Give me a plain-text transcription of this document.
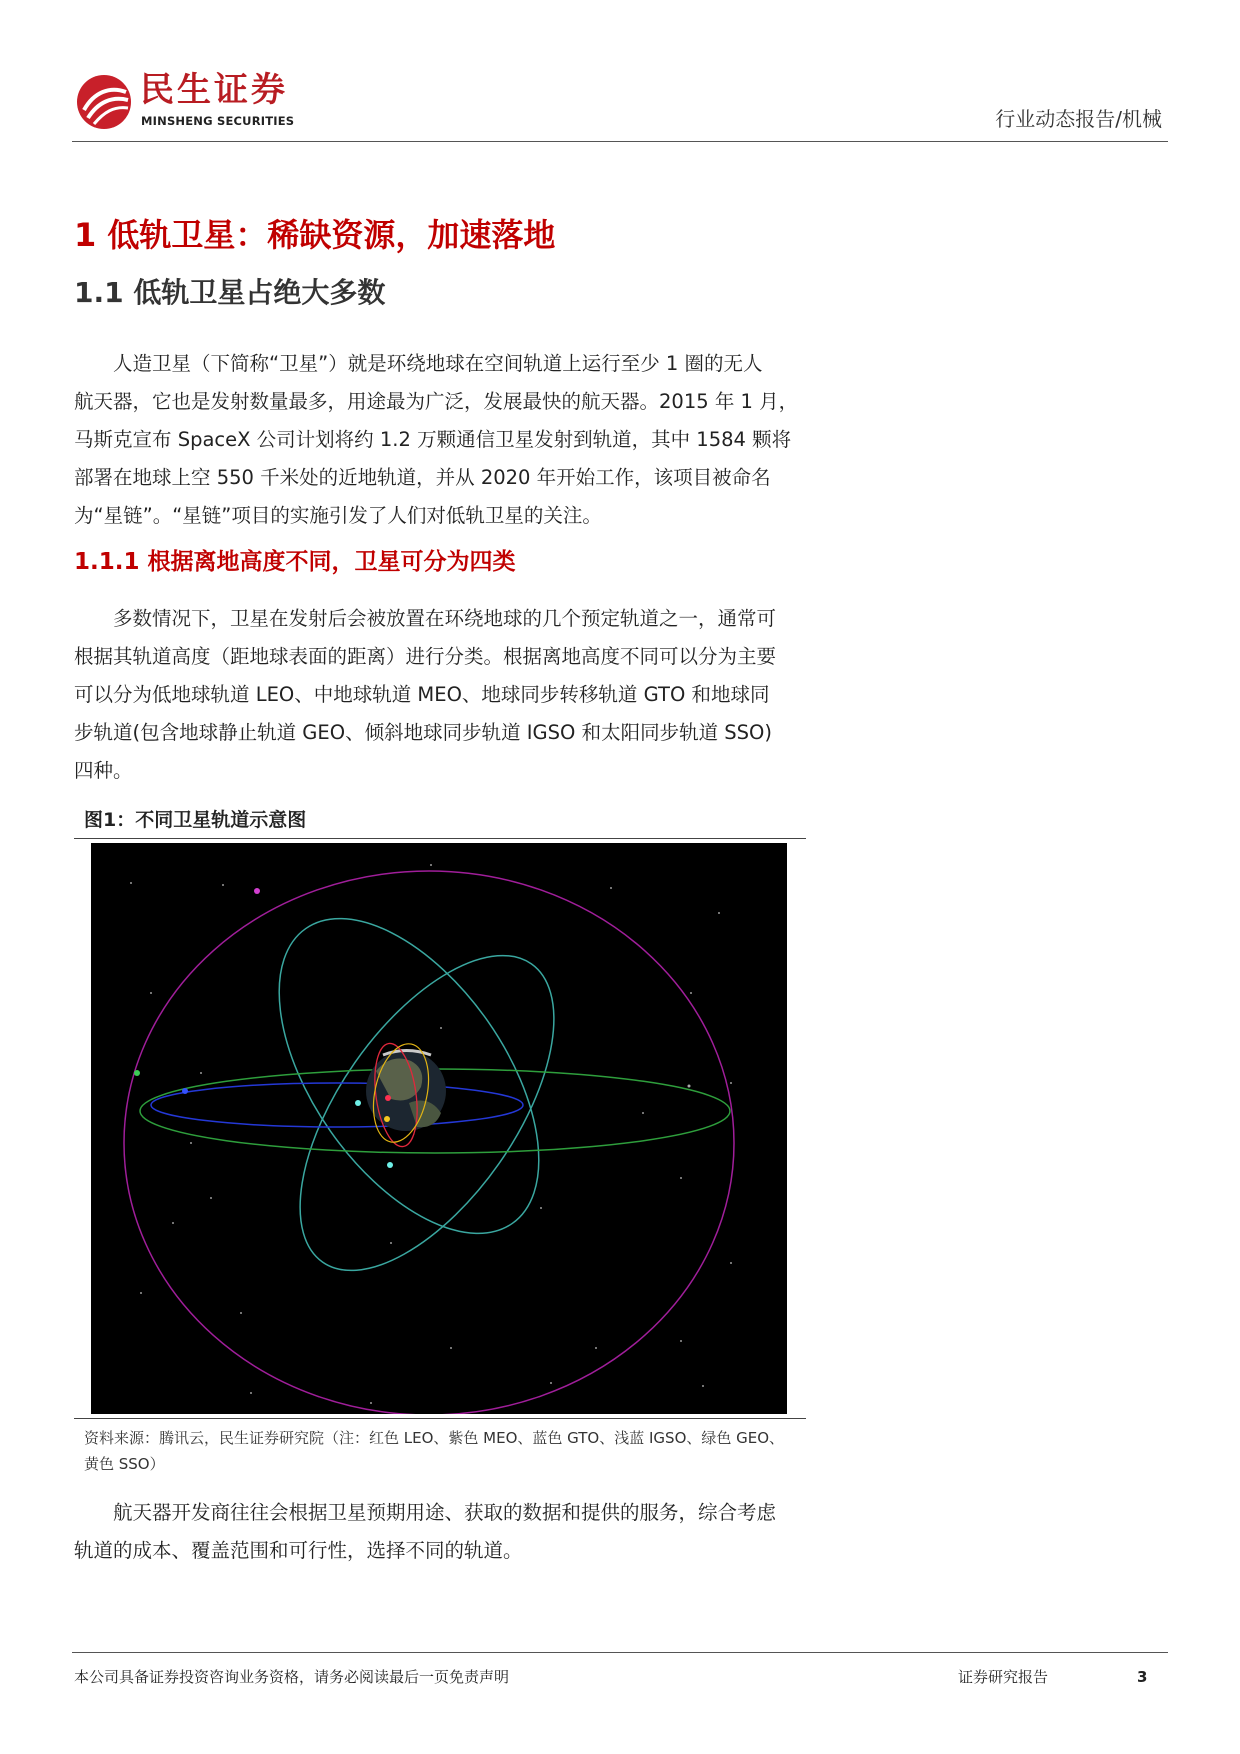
民生证券
MINSHENG SECURITIES	行业动态报告/机械
1 低轨卫星：稀缺资源，加速落地
1.1 低轨卫星占绝大多数
人造卫星（下简称“卫星”）就是环绕地球在空间轨道上运行至少 1 圈的无人
航天器，它也是发射数量最多，用途最为广泛，发展最快的航天器。2015 年 1 月，
马斯克宣布 SpaceX 公司计划将约 1.2 万颗通信卫星发射到轨道，其中 1584 颗将
部署在地球上空 550 千米处的近地轨道，并从 2020 年开始工作，该项目被命名
为“星链”。“星链”项目的实施引发了人们对低轨卫星的关注。
1.1.1 根据离地高度不同，卫星可分为四类
多数情况下，卫星在发射后会被放置在环绕地球的几个预定轨道之一，通常可
根据其轨道高度（距地球表面的距离）进行分类。根据离地高度不同可以分为主要
可以分为低地球轨道 LEO、中地球轨道 MEO、地球同步转移轨道 GTO 和地球同
步轨道(包含地球静止轨道 GEO、倾斜地球同步轨道 IGSO 和太阳同步轨道 SSO)
四种。
图1：不同卫星轨道示意图
资料来源：腾讯云，民生证券研究院（注：红色 LEO、紫色 MEO、蓝色 GTO、浅蓝 IGSO、绿色 GEO、
黄色 SSO）
航天器开发商往往会根据卫星预期用途、获取的数据和提供的服务，综合考虑
轨道的成本、覆盖范围和可行性，选择不同的轨道。
本公司具备证券投资咨询业务资格，请务必阅读最后一页免责声明	证券研究报告	3
